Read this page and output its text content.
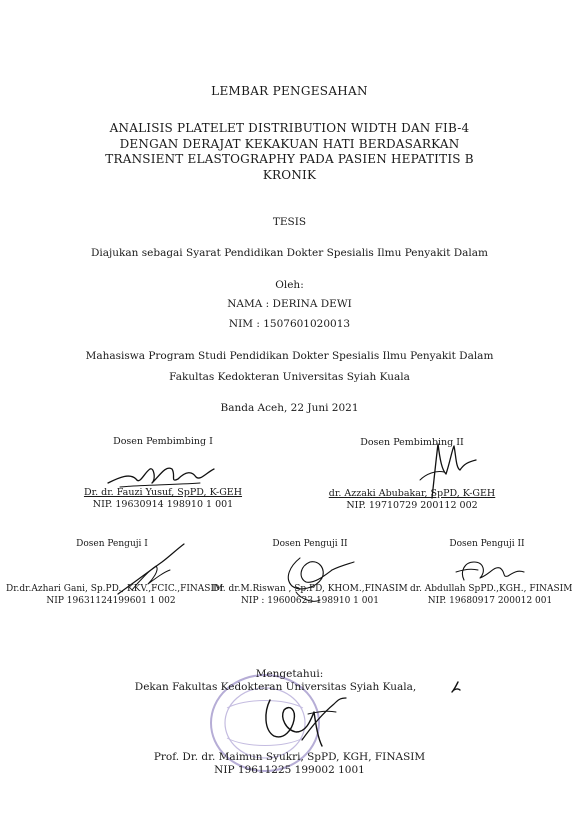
LEMBAR PENGESAHAN
ANALISIS PLATELET DISTRIBUTION WIDTH DAN FIB-4
DENGAN DERAJAT KEKAKUAN HATI BERDASARKAN
TRANSIENT ELASTOGRAPHY PADA PASIEN HEPATITIS B
KRONIK
TESIS
Diajukan sebagai Syarat Pendidikan Dokter Spesialis Ilmu Penyakit Dalam
Oleh:
NAMA : DERINA DEWI
NIM : 1507601020013
Mahasiswa Program Studi Pendidikan Dokter Spesialis Ilmu Penyakit Dalam
Fakultas Kedokteran Universitas Syiah Kuala
Banda Aceh, 22 Juni 2021
Dosen Pembimbing I
Dr. dr. Fauzi Yusuf, SpPD, K-GEH
NIP. 19630914 198910 1 001
Dosen Pembimbing II
dr. Azzaki Abubakar, SpPD, K-GEH
NIP. 19710729 200112 002
Dosen Penguji I
Dr.dr.Azhari Gani, Sp.PD., KKV.,FCIC.,FINASIM
NIP 19631124199601 1 002
Dosen Penguji II
Dr. dr.M.Riswan , Sp.PD, KHOM.,FINASIM
NIP : 19600623 198910 1 001
Dosen Penguji II
dr. Abdullah SpPD.,KGH., FINASIM
NIP. 19680917 200012 001
Mengetahui:
Dekan Fakultas Kedokteran Universitas Syiah Kuala,
Prof. Dr. dr. Maimun Syukri, SpPD, KGH, FINASIM
NIP 19611225 199002 1001
